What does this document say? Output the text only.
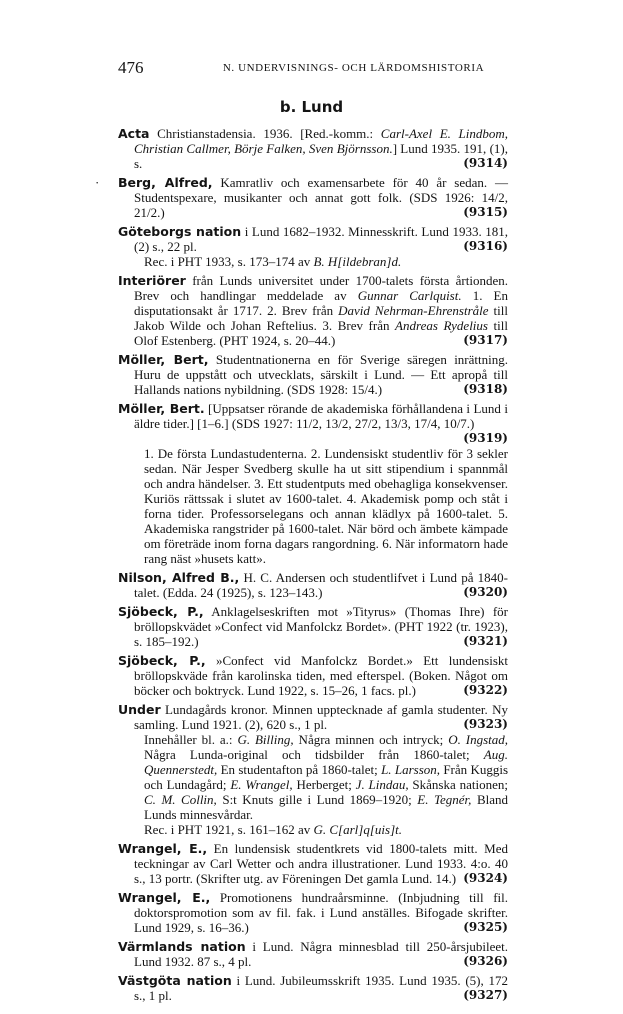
476	N. UNDERVISNINGS- OCH LÄRDOMSHISTORIA
b. Lund

Acta Christianstadensia. 1936. [Red.-komm.: Carl-Axel E. Lindbom, Christian Callmer, Börje Falken, Sven Björnsson.] Lund 1935. 191, (1), s.	(9314)

· Berg, Alfred, Kamratliv och examensarbete för 40 år sedan. — Studentspexare, musikanter och annat gott folk. (SDS 1926: 14/2, 21/2.)	(9315)

Göteborgs nation i Lund 1682–1932. Minnesskrift. Lund 1933. 181, (2) s., 22 pl.	(9316)
Rec. i PHT 1933, s. 173–174 av B. H[ildebran]d.

Interiörer från Lunds universitet under 1700-talets första årtionden. Brev och handlingar meddelade av Gunnar Carlquist. 1. En disputationsakt år 1717. 2. Brev från David Nehrman-Ehrenstråle till Jakob Wilde och Johan Reftelius. 3. Brev från Andreas Rydelius till Olof Estenberg. (PHT 1924, s. 20–44.)	(9317)

Möller, Bert, Studentnationerna en för Sverige säregen inrättning. Huru de uppstått och utvecklats, särskilt i Lund. — Ett apropå till Hallands nations nybildning. (SDS 1928: 15/4.)	(9318)

Möller, Bert. [Uppsatser rörande de akademiska förhållandena i Lund i äldre tider.] [1–6.] (SDS 1927: 11/2, 13/2, 27/2, 13/3, 17/4, 10/7.)
(9319)
1. De första Lundastudenterna. 2. Lundensiskt studentliv för 3 sekler sedan. När Jesper Svedberg skulle ha ut sitt stipendium i spannmål och andra händelser. 3. Ett studentputs med obehagliga konsekvenser. Kuriös rättssak i slutet av 1600-talet. 4. Akademisk pomp och ståt i forna tider. Professorselegans och annan klädlyx på 1600-talet. 5. Akademiska rangstrider på 1600-talet. När börd och ämbete kämpade om företräde inom forna dagars rangordning. 6. När informatorn hade rang näst »husets katt».

Nilson, Alfred B., H. C. Andersen och studentlifvet i Lund på 1840-talet. (Edda. 24 (1925), s. 123–143.)	(9320)

Sjöbeck, P., Anklagelseskriften mot »Tityrus» (Thomas Ihre) för bröllopskvädet »Confect vid Manfolckz Bordet». (PHT 1922 (tr. 1923), s. 185–192.)	(9321)

Sjöbeck, P., »Confect vid Manfolckz Bordet.» Ett lundensiskt bröllopskväde från karolinska tiden, med efterspel. (Boken. Något om böcker och boktryck. Lund 1922, s. 15–26, 1 facs. pl.)	(9322)

Under Lundagårds kronor. Minnen upptecknade af gamla studenter. Ny samling. Lund 1921. (2), 620 s., 1 pl.	(9323)
Innehåller bl. a.: G. Billing, Några minnen och intryck; O. Ingstad, Några Lunda-original och tidsbilder från 1860-talet; Aug. Quennerstedt, En studentafton på 1860-talet; L. Larsson, Från Kuggis och Lundagård; E. Wrangel, Herberget; J. Lindau, Skånska nationen; C. M. Collin, S:t Knuts gille i Lund 1869–1920; E. Tegnér, Bland Lunds minnesvårdar.
Rec. i PHT 1921, s. 161–162 av G. C[arl]q[uis]t.

Wrangel, E., En lundensisk studentkrets vid 1800-talets mitt. Med teckningar av Carl Wetter och andra illustrationer. Lund 1933. 4:o. 40 s., 13 portr. (Skrifter utg. av Föreningen Det gamla Lund. 14.) (9324)

Wrangel, E., Promotionens hundraårsminne. (Inbjudning till fil. doktorspromotion som av fil. fak. i Lund anställes. Bifogade skrifter. Lund 1929, s. 16–36.)	(9325)

Värmlands nation i Lund. Några minnesblad till 250-årsjubileet. Lund 1932. 87 s., 4 pl.	(9326)

Västgöta nation i Lund. Jubileumsskrift 1935. Lund 1935. (5), 172 s., 1 pl.	(9327)
